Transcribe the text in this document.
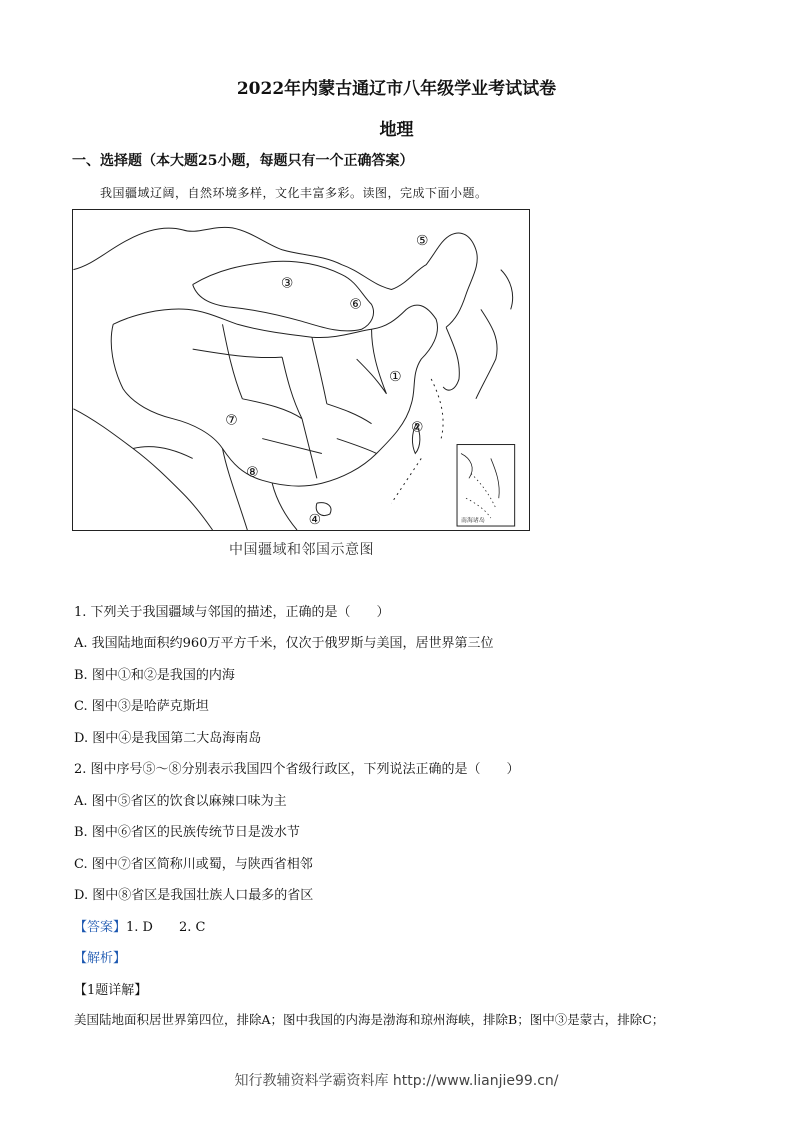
2022年内蒙古通辽市八年级学业考试试卷
地理
一、选择题（本大题25小题，每题只有一个正确答案）
我国疆域辽阔，自然环境多样，文化丰富多彩。读图，完成下面小题。
南海诸岛
③
⑤
⑥
①
⑦	②
⑧
④
中国疆域和邻国示意图
1. 下列关于我国疆域与邻国的描述，正确的是（　　）
A. 我国陆地面积约960万平方千米，仅次于俄罗斯与美国，居世界第三位
B. 图中①和②是我国的内海
C. 图中③是哈萨克斯坦
D. 图中④是我国第二大岛海南岛
2. 图中序号⑤～⑧分别表示我国四个省级行政区，下列说法正确的是（　　）
A. 图中⑤省区的饮食以麻辣口味为主
B. 图中⑥省区的民族传统节日是泼水节
C. 图中⑦省区简称川或蜀，与陕西省相邻
D. 图中⑧省区是我国壮族人口最多的省区
【答案】1. D　　2. C
【解析】
【1题详解】
美国陆地面积居世界第四位，排除A；图中我国的内海是渤海和琼州海峡，排除B；图中③是蒙古，排除C；
知行教辅资料学霸资料库 http://www.lianjie99.cn/
